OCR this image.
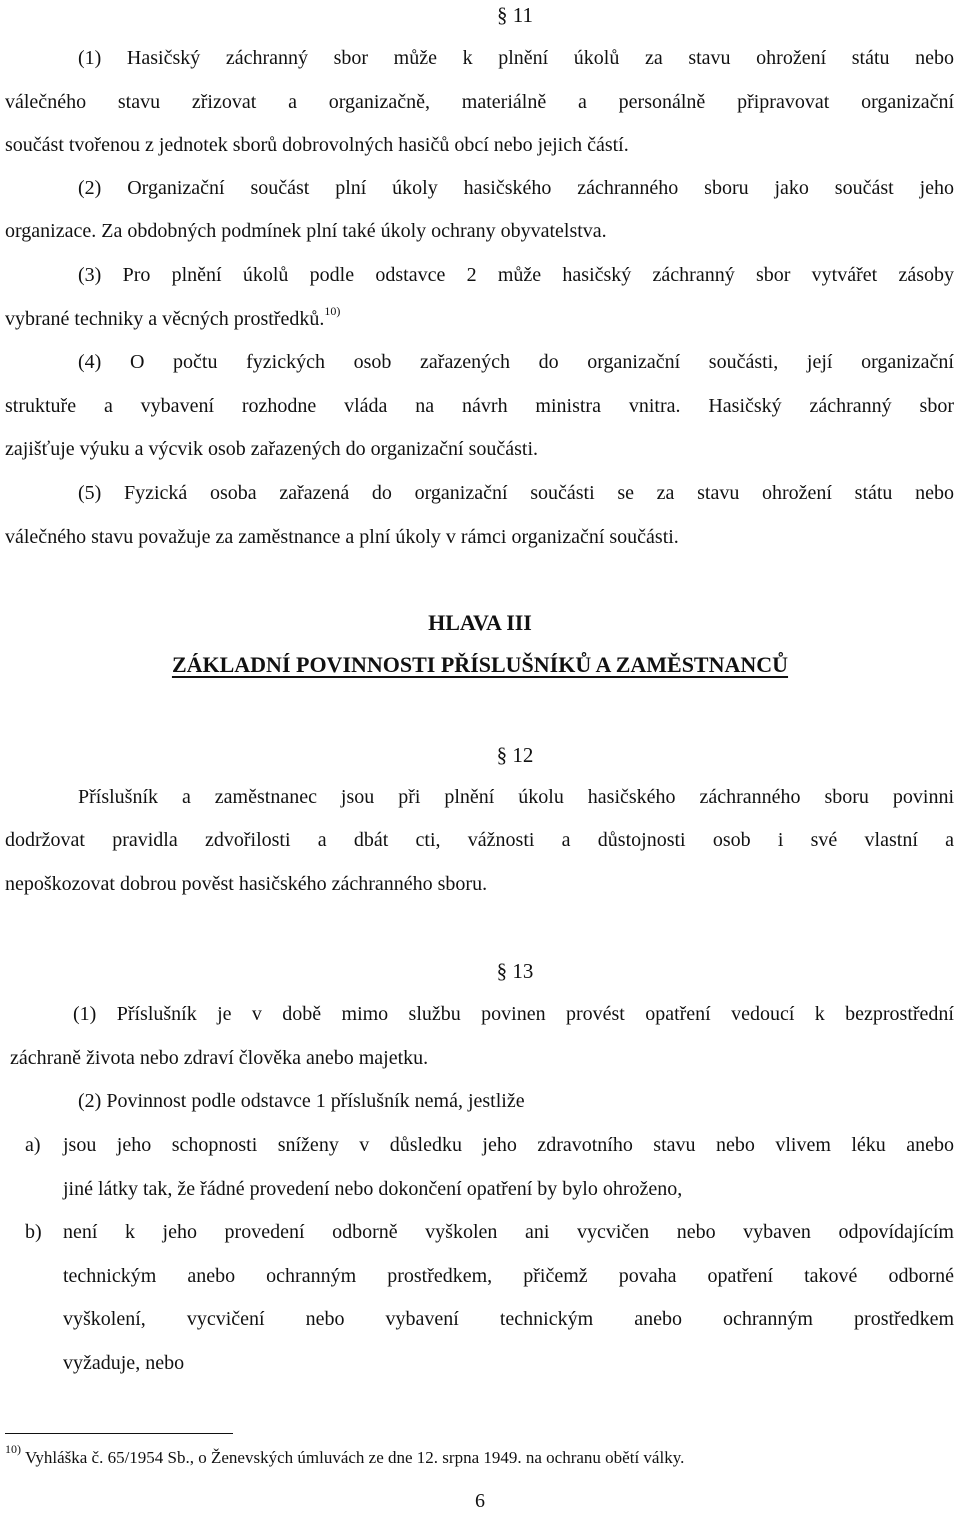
§ 11
(1) Hasičský záchranný sbor může k plnění úkolů za stavu ohrožení státu nebo
válečného stavu zřizovat a organizačně, materiálně a personálně připravovat organizační
součást tvořenou z jednotek sborů dobrovolných hasičů obcí nebo jejich částí.
(2) Organizační součást plní úkoly hasičského záchranného sboru jako součást jeho
organizace. Za obdobných podmínek plní také úkoly ochrany obyvatelstva.
(3) Pro plnění úkolů podle odstavce 2 může hasičský záchranný sbor vytvářet zásoby
vybrané techniky a věcných prostředků.$^{10)}$
(4) O počtu fyzických osob zařazených do organizační součásti, její organizační
struktuře a vybavení rozhodne vláda na návrh ministra vnitra. Hasičský záchranný sbor
zajišťuje výuku a výcvik osob zařazených do organizační součásti.
(5) Fyzická osoba zařazená do organizační součásti se za stavu ohrožení státu nebo
válečného stavu považuje za zaměstnance a plní úkoly v rámci organizační součásti.
HLAVA III
ZÁKLADNÍ POVINNOSTI PŘÍSLUŠNÍKŮ A ZAMĚSTNANCŮ
§ 12
Příslušník a zaměstnanec jsou při plnění úkolu hasičského záchranného sboru povinni
dodržovat pravidla zdvořilosti a dbát cti, vážnosti a důstojnosti osob i své vlastní a
nepoškozovat dobrou pověst hasičského záchranného sboru.
§ 13
(1) Příslušník je v době mimo službu povinen provést opatření vedoucí k bezprostřední
záchraně života nebo zdraví člověka anebo majetku.
(2) Povinnost podle odstavce 1 příslušník nemá, jestliže
a) jsou jeho schopnosti sníženy v důsledku jeho zdravotního stavu nebo vlivem léku anebo
jiné látky tak, že řádné provedení nebo dokončení opatření by bylo ohroženo,
b) není k jeho provedení odborně vyškolen ani vycvičen nebo vybaven odpovídajícím
technickým anebo ochranným prostředkem, přičemž povaha opatření takové odborné
vyškolení, vycvičení nebo vybavení technickým anebo ochranným prostředkem
vyžaduje, nebo
$^{10)}$ Vyhláška č. 65/1954 Sb., o Ženevských úmluvách ze dne 12. srpna 1949. na ochranu obětí války.
6
